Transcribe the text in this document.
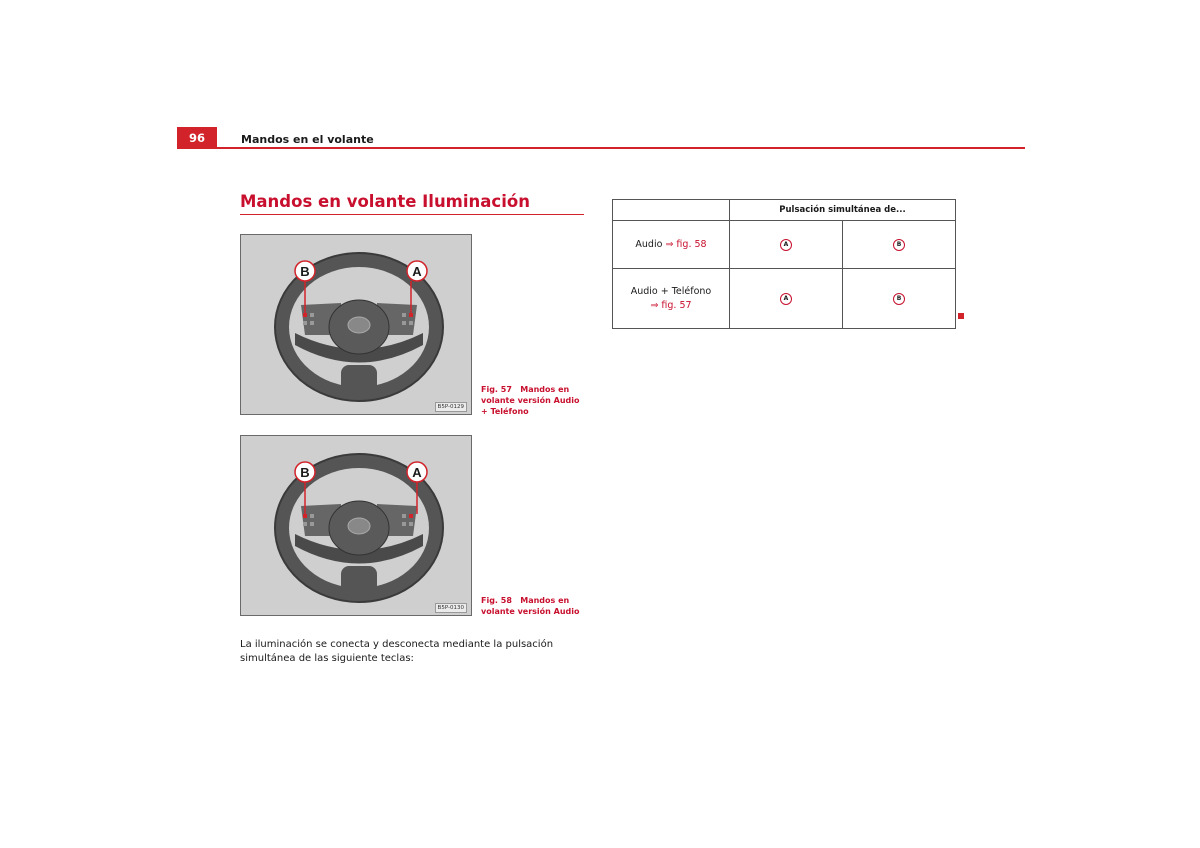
96	Mandos en el volante
Mandos en volante Iluminación
B	A
B5P-0129
Fig. 57 Mandos en volante versión Audio + Teléfono
B	A
B5P-0130
Fig. 58 Mandos en volante versión Audio
La iluminación se conecta y desconecta mediante la pulsación simultánea de las siguiente teclas:
	Pulsación simultánea de...	
Audio ⇒ fig. 58	A	B
Audio + Teléfono
⇒ fig. 57	A	B
